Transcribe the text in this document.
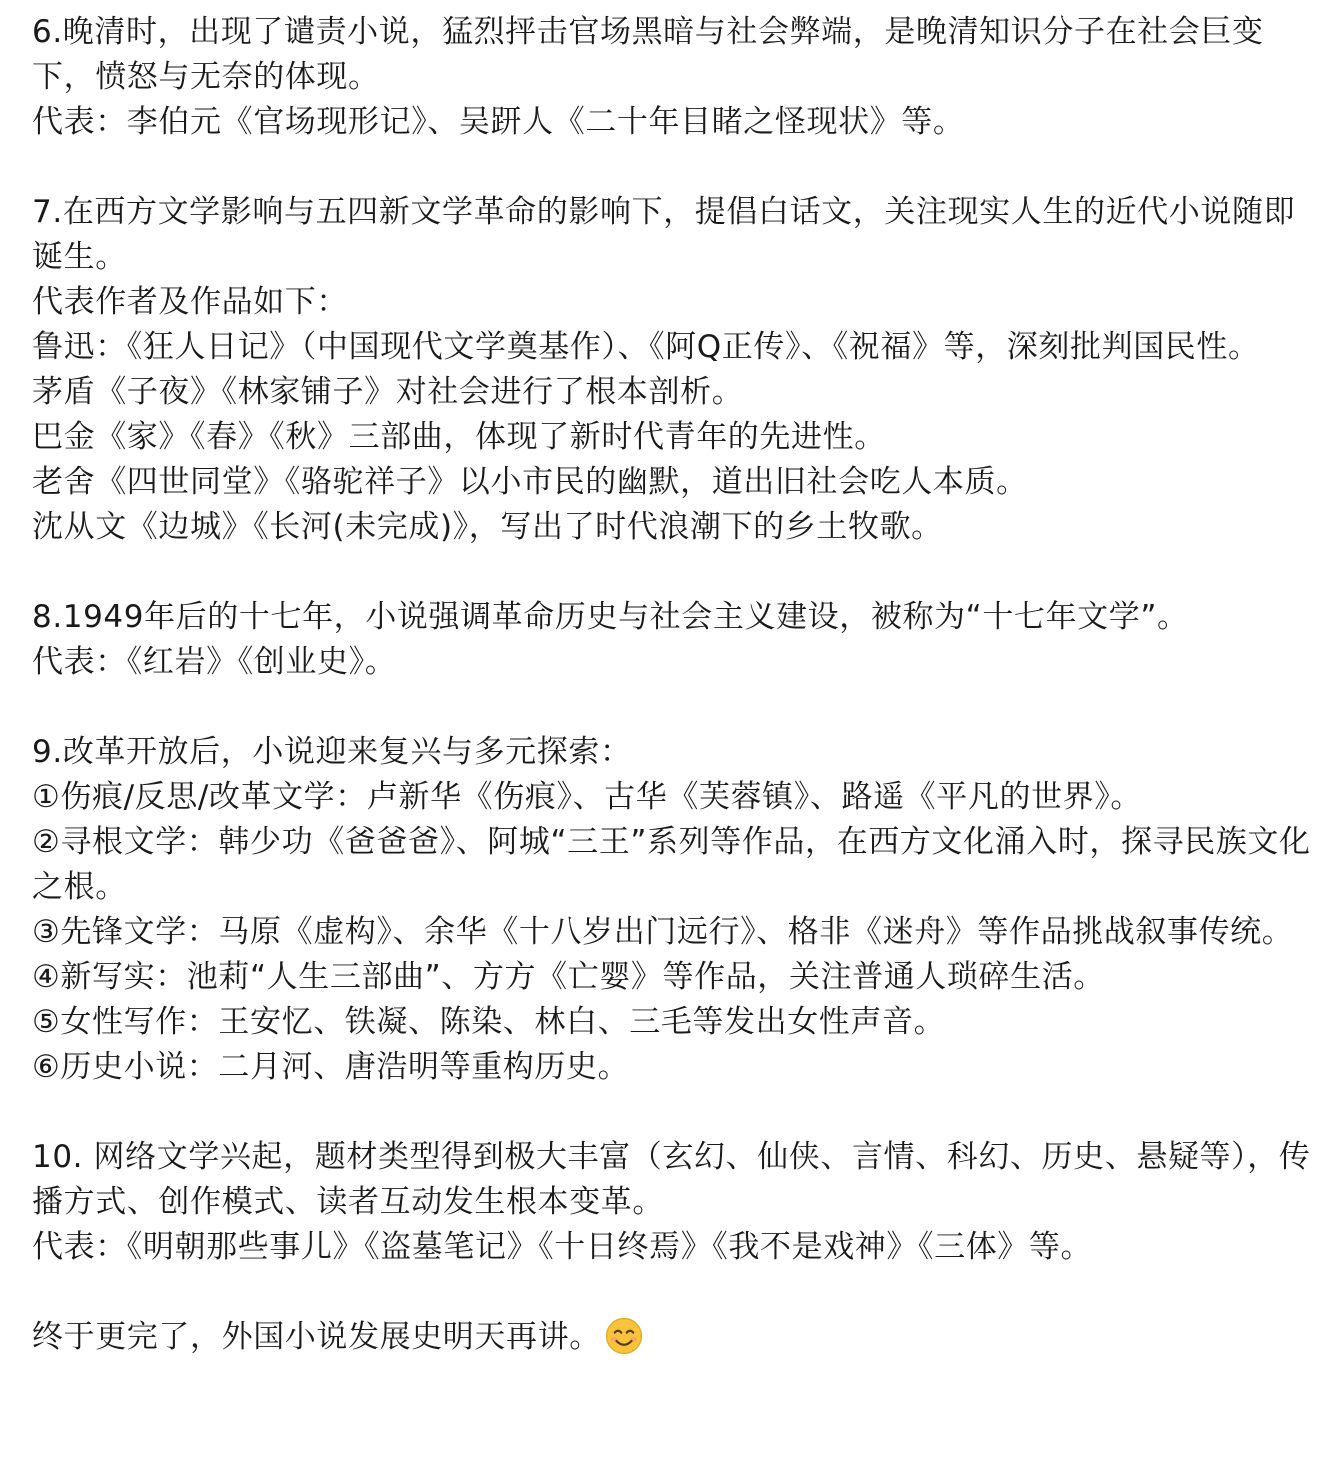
6.晚清时，出现了谴责小说，猛烈抨击官场黑暗与社会弊端，是晚清知识分子在社会巨变下，愤怒与无奈的体现。

代表：李伯元《官场现形记》、吴趼人《二十年目睹之怪现状》等。

7.在西方文学影响与五四新文学革命的影响下，提倡白话文，关注现实人生的近代小说随即诞生。

代表作者及作品如下：

鲁迅：《狂人日记》（中国现代文学奠基作）、《阿Q正传》、《祝福》等，深刻批判国民性。

茅盾《子夜》《林家铺子》对社会进行了根本剖析。

巴金《家》《春》《秋》三部曲，体现了新时代青年的先进性。

老舍《四世同堂》《骆驼祥子》以小市民的幽默，道出旧社会吃人本质。

沈从文《边城》《长河(未完成)》，写出了时代浪潮下的乡土牧歌。

8.1949年后的十七年，小说强调革命历史与社会主义建设，被称为“十七年文学”。

代表：《红岩》《创业史》。

9.改革开放后，小说迎来复兴与多元探索：

①伤痕/反思/改革文学：卢新华《伤痕》、古华《芙蓉镇》、路遥《平凡的世界》。

②寻根文学：韩少功《爸爸爸》、阿城“三王”系列等作品，在西方文化涌入时，探寻民族文化之根。

③先锋文学：马原《虚构》、余华《十八岁出门远行》、格非《迷舟》等作品挑战叙事传统。

④新写实：池莉“人生三部曲”、方方《亡婴》等作品，关注普通人琐碎生活。

⑤女性写作：王安忆、铁凝、陈染、林白、三毛等发出女性声音。

⑥历史小说：二月河、唐浩明等重构历史。

10. 网络文学兴起，题材类型得到极大丰富（玄幻、仙侠、言情、科幻、历史、悬疑等），传播方式、创作模式、读者互动发生根本变革。

代表：《明朝那些事儿》《盗墓笔记》《十日终焉》《我不是戏神》《三体》等。

终于更完了，外国小说发展史明天再讲。
